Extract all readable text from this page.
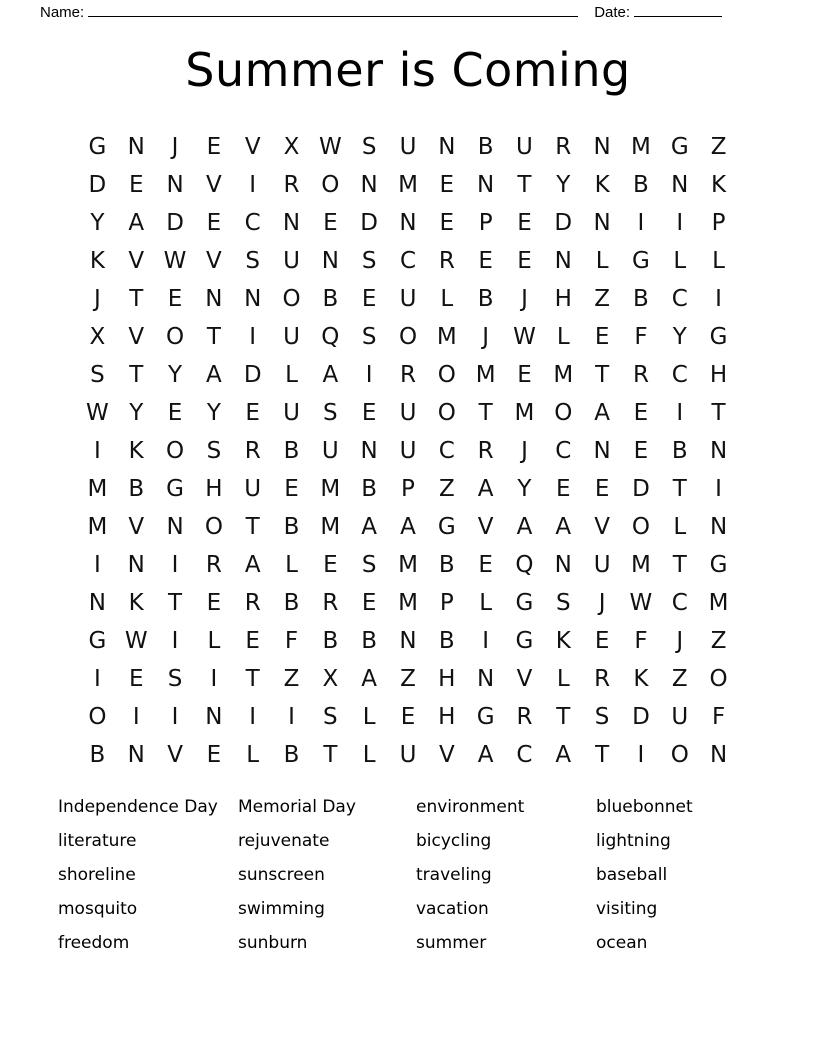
Name:	Date:
Summer is Coming
G N	J	E	V	X W S	U N B U R N M G Z
D E N V	I	R O N M E N	T	Y	K	B N K
Y	A D E	C N E D N E	P	E D N	I	I	P
K	V W V	S	U N S	C R	E	E N	L	G	L	L
J	T	E N N O B	E	U	L	B	J	H Z	B C	I
X	V O T	I	U Q S O M	J	W L	E	F	Y G
S	T	Y	A D	L	A	I	R O M E M T	R C H
W Y	E	Y	E	U	S	E	U O T M O A	E	I	T
I	K O S	R B U N U C R	J	C N E	B N
M B G H U	E M B	P	Z	A	Y	E	E D T	I
M V N O T	B M A	A G V	A	A	V O	L	N
I	N	I	R A	L	E	S M B	E Q N U M T G
N K	T	E	R B R	E M P	L	G S	J	W C M
G W	I	L	E	F	B	B N B	I	G K	E	F	J	Z
I	E	S	I	T	Z	X	A	Z H N V	L	R	K	Z O
O	I	I	N	I	I	S	L	E H G R	T	S D U	F
B N V	E	L	B	T	L	U V	A C A	T	I	O N
Independence Day	Memorial Day	environment	bluebonnet
literature	rejuvenate	bicycling	lightning
shoreline	sunscreen	traveling	baseball
mosquito	swimming	vacation	visiting
freedom	sunburn	summer	ocean
